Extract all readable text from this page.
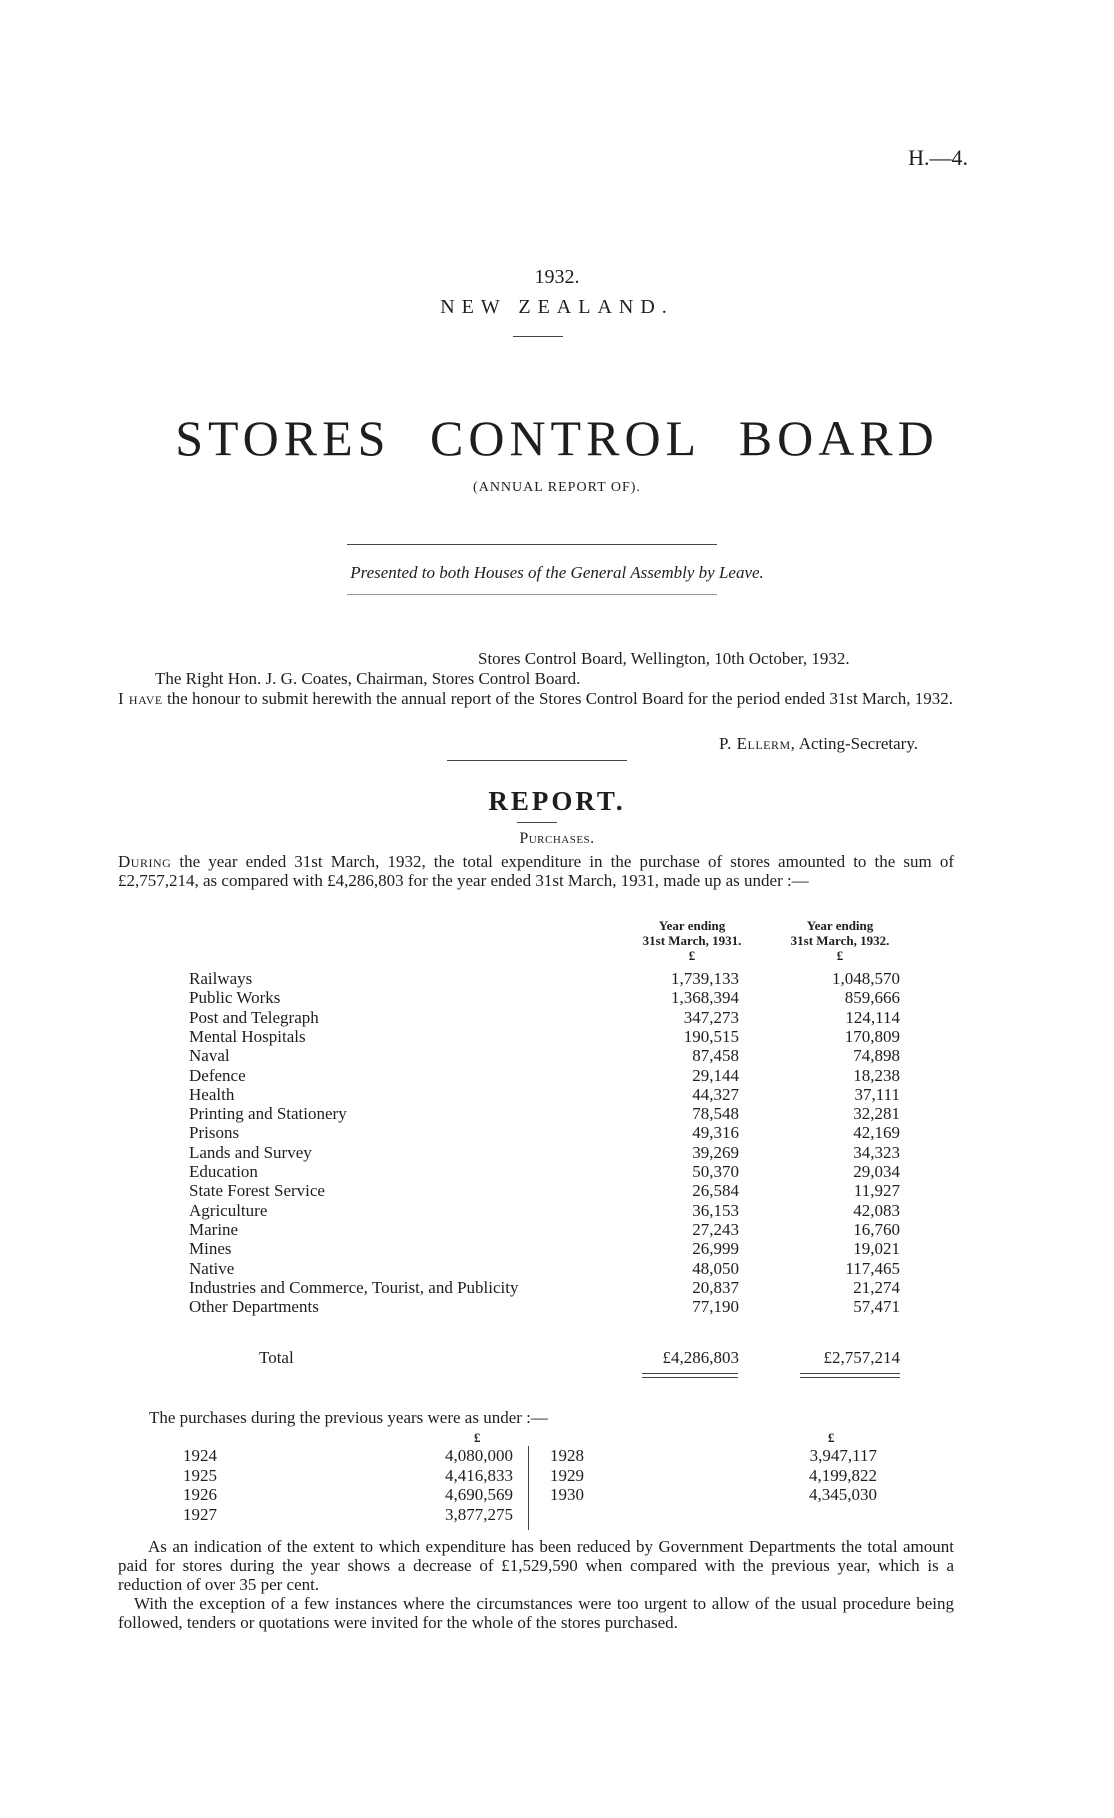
H.—4.
1932.
NEW ZEALAND.
STORES CONTROL BOARD
(ANNUAL REPORT OF).
Presented to both Houses of the General Assembly by Leave.
Stores Control Board, Wellington, 10th October, 1932.
The Right Hon. J. G. Coates, Chairman, Stores Control Board.
I have the honour to submit herewith the annual report of the Stores Control Board for the period ended 31st March, 1932.
P. Ellerm, Acting-Secretary.
REPORT.
Purchases.
During the year ended 31st March, 1932, the total expenditure in the purchase of stores amounted to the sum of £2,757,214, as compared with £4,286,803 for the year ended 31st March, 1931, made up as under :—
Year ending
31st March, 1931.
£
Year ending
31st March, 1932.
£
Railways	1,739,133	1,048,570
Public Works	1,368,394	859,666
Post and Telegraph	347,273	124,114
Mental Hospitals	190,515	170,809
Naval	87,458	74,898
Defence	29,144	18,238
Health	44,327	37,111
Printing and Stationery	78,548	32,281
Prisons	49,316	42,169
Lands and Survey	39,269	34,323
Education	50,370	29,034
State Forest Service	26,584	11,927
Agriculture	36,153	42,083
Marine	27,243	16,760
Mines	26,999	19,021
Native	48,050	117,465
Industries and Commerce, Tourist, and Publicity	20,837	21,274
Other Departments	77,190	57,471
Total	£4,286,803	£2,757,214
The purchases during the previous years were as under :—
£	£
1924	4,080,000
1925	4,416,833
1926	4,690,569
1927	3,877,275
1928	3,947,117
1929	4,199,822
1930	4,345,030
As an indication of the extent to which expenditure has been reduced by Government Departments the total amount paid for stores during the year shows a decrease of £1,529,590 when compared with the previous year, which is a reduction of over 35 per cent.
With the exception of a few instances where the circumstances were too urgent to allow of the usual procedure being followed, tenders or quotations were invited for the whole of the stores purchased.
